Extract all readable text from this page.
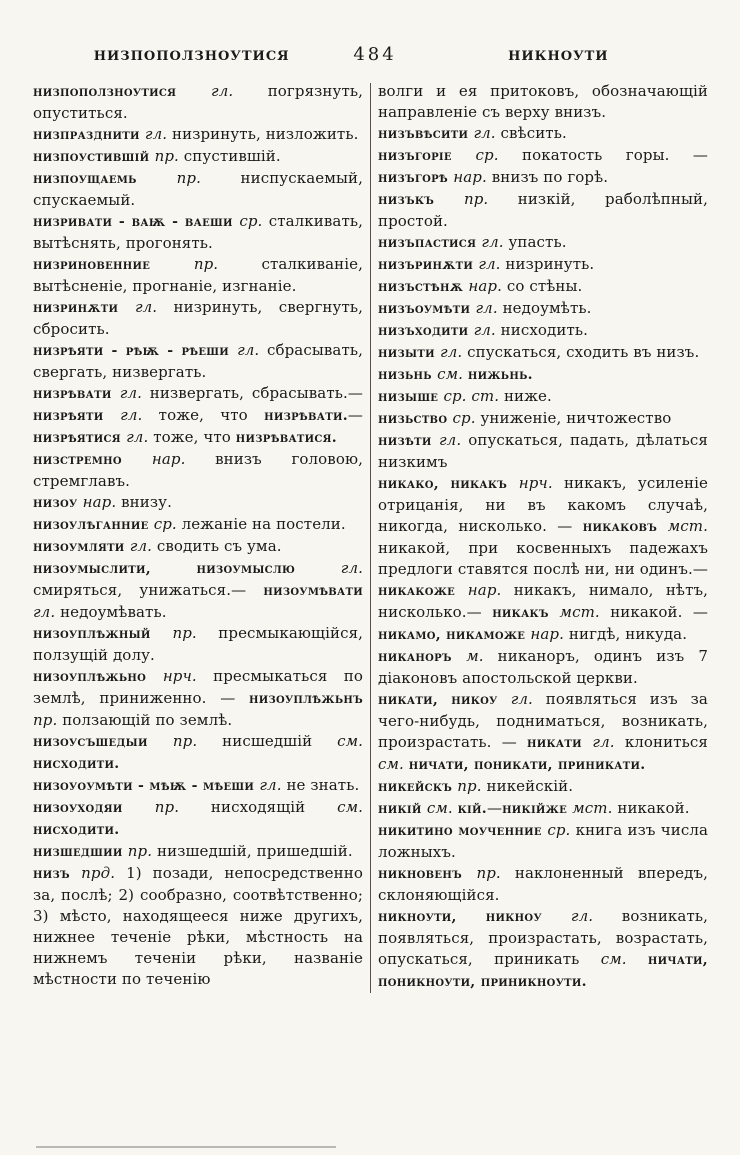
НИЗПОПОЛЗНОУТИСЯ	484	НИКНОУТИ

низпоползноутися гл. погрязнуть, опуститься.

низпразднити гл. низринуть, низложить.

низпоустившій пр. спустившій.

низпоущаемь пр. ниспускаемый, спускаемый.

низривати - ваѭ - ваеши ср. сталкивать, вытѣснять, прогонять.

низриновенние пр. сталкиваніе, вытѣсненіе, прогнаніе, изгнаніе.

низринѫти гл. низринуть, свергнуть, сбросить.

низрѣяти - рѣѭ - рѣеши гл. сбрасывать, свергать, низвергать.

низрѣвати гл. низвергать, сбрасывать.—низрѣяти гл. тоже, что низрѣвати.—низрѣятися гл. тоже, что низрѣватися.

низстремно нар. внизъ головою, стремглавъ.

низоу нар. внизу.

низоулѣганние ср. лежаніе на постели.

низоумляти гл. сводить съ ума.

низоумыслити, низоумыслю гл. смиряться, унижаться.— низоумѣвати гл. недоумѣвать.

низоуплѣжный пр. пресмыкающійся, ползущій долу.

низоуплѣжьно нрч. пресмыкаться по землѣ, приниженно. — низоуплѣжьнъ пр. ползающій по землѣ.

низоусъшедыи пр. нисшедшій см. нисходити.

низоуоумѣти - мѣѭ - мѣеши гл. не знать.

низоуходяи пр. нисходящій см. нисходити.

низшедшии пр. низшедшій, пришедшій.

низъ прд. 1) позади, непосредственно за, послѣ; 2) сообразно, соотвѣтственно; 3) мѣсто, находящееся ниже другихъ, нижнее теченіе рѣки, мѣстность на нижнемъ теченіи рѣки, названіе мѣстности по теченію

волги и ея притоковъ, обозначающій направленіе съ верху внизъ.

низъвѣсити гл. свѣсить.

низъгоріе ср. покатость горы. — низъгорѣ нар. внизъ по горѣ.

низъкъ пр. низкій, раболѣпный, простой.

низъпастися гл. упасть.

низъринѫти гл. низринуть.

низъстѣнѫ нар. со стѣны.

низъоумѣти гл. недоумѣть.

низъходити гл. нисходить.

низыти гл. спускаться, сходить въ низъ.

низьнь см. нижьнь.

низыше ср. ст. ниже.

низьство ср. униженіе, ничтожество

низѣти гл. опускаться, падать, дѣлаться низкимъ

никако, никакъ нрч. никакъ, усиленіе отрицанія, ни въ какомъ случаѣ, никогда, нисколько. — никаковъ мст. никакой, при косвенныхъ падежахъ предлоги ставятся послѣ ни, ни одинъ.—никакоже нар. никакъ, нимало, нѣтъ, нисколько.— никакъ мст. никакой. — никамо, никаможе нар. нигдѣ, никуда.

никаноръ м. никаноръ, одинъ изъ 7 діаконовъ апостольской церкви.

никати, никоу гл. появляться изъ за чего-нибудь, подниматься, возникать, произрастать. — никати гл. клониться см. ничати, поникати, приникати.

никейскъ пр. никейскій.

никій см. кій.—никійже мст. никакой.

никитино моученние ср. книга изъ числа ложныхъ.

никновенъ пр. наклоненный впередъ, склоняющійся.

никноути, никноу гл. возникать, появляться, произрастать, возрастать, опускаться, приникать см. ничати, поникноути, приникноути.
